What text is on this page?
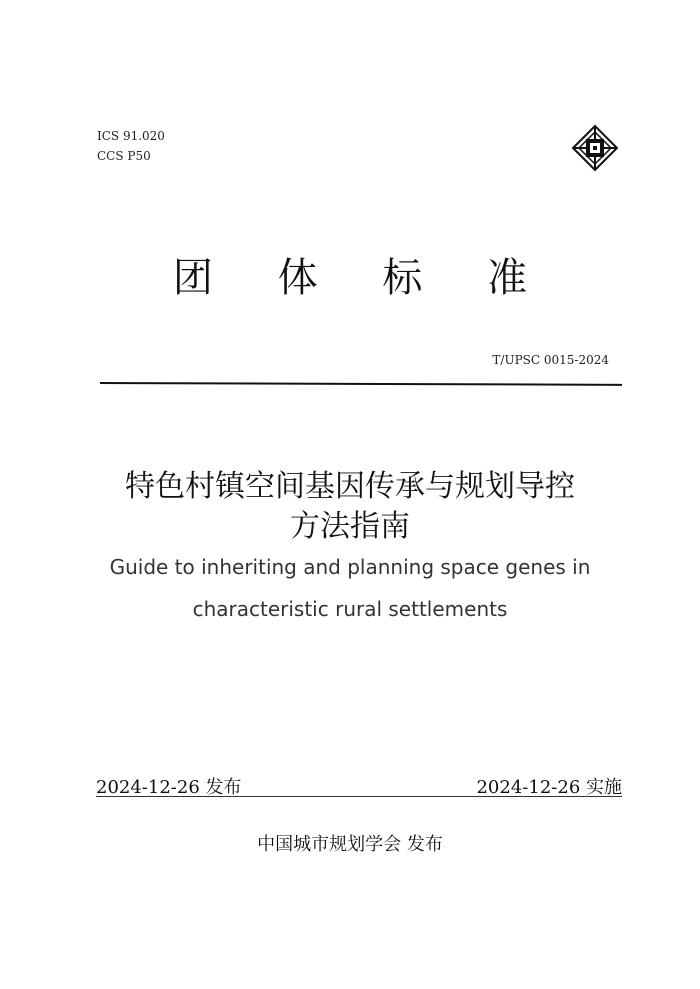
ICS 91.020
CCS P50
团 体 标 准
T/UPSC 0015-2024
特色村镇空间基因传承与规划导控
方法指南
Guide to inheriting and planning space genes in
characteristic rural settlements
2024-12-26 发布	2024-12-26 实施
中国城市规划学会 发布
